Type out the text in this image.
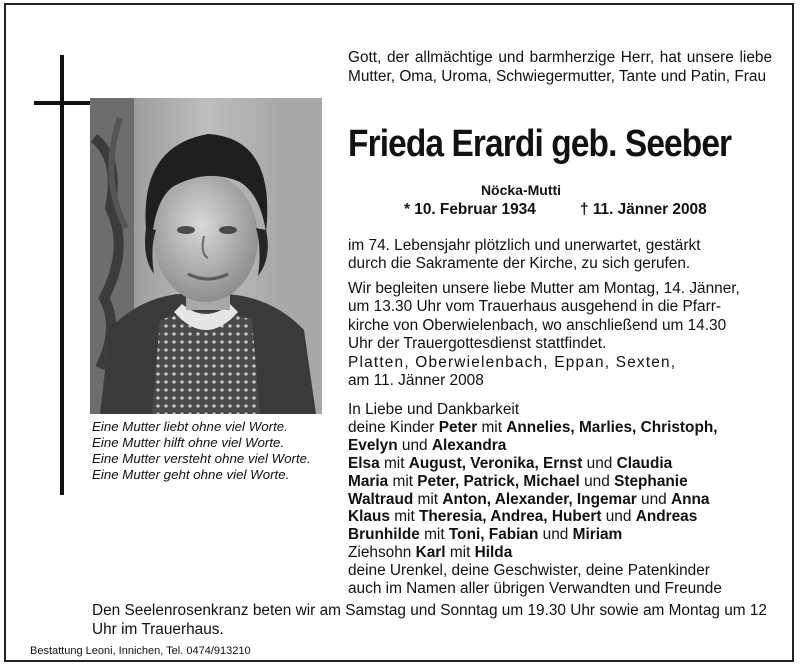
Eine Mutter liebt ohne viel Worte.
Eine Mutter hilft ohne viel Worte.
Eine Mutter versteht ohne viel Worte.
Eine Mutter geht ohne viel Worte.
Gott, der allmächtige und barmherzige Herr, hat unsere liebe Mutter, Oma, Uroma, Schwiegermutter, Tante und Patin, Frau
Frieda Erardi geb. Seeber
Nöcka-Mutti
* 10. Februar 1934	† 11. Jänner 2008
im 74. Lebensjahr plötzlich und unerwartet, gestärkt
durch die Sakramente der Kirche, zu sich gerufen.
Wir begleiten unsere liebe Mutter am Montag, 14. Jänner,
um 13.30 Uhr vom Trauerhaus ausgehend in die Pfarr-
kirche von Oberwielenbach, wo anschließend um 14.30
Uhr der Trauergottesdienst stattfindet.
Platten, Oberwielenbach, Eppan, Sexten,
am 11. Jänner 2008
In Liebe und Dankbarkeit
deine Kinder Peter mit Annelies, Marlies, Christoph,
Evelyn und Alexandra
Elsa mit August, Veronika, Ernst und Claudia
Maria mit Peter, Patrick, Michael und Stephanie
Waltraud mit Anton, Alexander, Ingemar und Anna
Klaus mit Theresia, Andrea, Hubert und Andreas
Brunhilde mit Toni, Fabian und Miriam
Ziehsohn Karl mit Hilda
deine Urenkel, deine Geschwister, deine Patenkinder
auch im Namen aller übrigen Verwandten und Freunde
Den Seelenrosenkranz beten wir am Samstag und Sonntag um 19.30 Uhr sowie am Montag um 12 Uhr im Trauerhaus.
Bestattung Leoni, Innichen, Tel. 0474/913210
